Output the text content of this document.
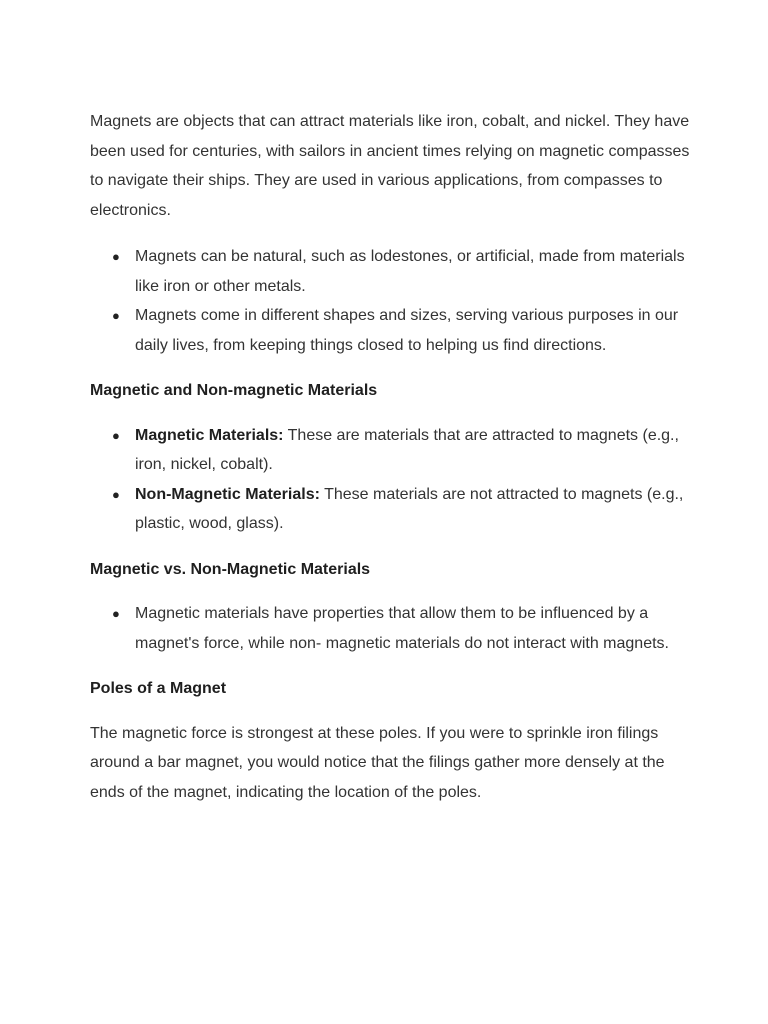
Magnets are objects that can attract materials like iron, cobalt, and nickel. They have been used for centuries, with sailors in ancient times relying on magnetic compasses to navigate their ships. They are used in various applications, from compasses to electronics.

● Magnets can be natural, such as lodestones, or artificial, made from materials like iron or other metals.
● Magnets come in different shapes and sizes, serving various purposes in our daily lives, from keeping things closed to helping us find directions.
Magnetic and Non-magnetic Materials
● Magnetic Materials: These are materials that are attracted to magnets (e.g., iron, nickel, cobalt).
● Non-Magnetic Materials: These materials are not attracted to magnets (e.g., plastic, wood, glass).
Magnetic vs. Non-Magnetic Materials
● Magnetic materials have properties that allow them to be influenced by a magnet's force, while non- magnetic materials do not interact with magnets.
Poles of a Magnet

The magnetic force is strongest at these poles. If you were to sprinkle iron filings around a bar magnet, you would notice that the filings gather more densely at the ends of the magnet, indicating the location of the poles.
